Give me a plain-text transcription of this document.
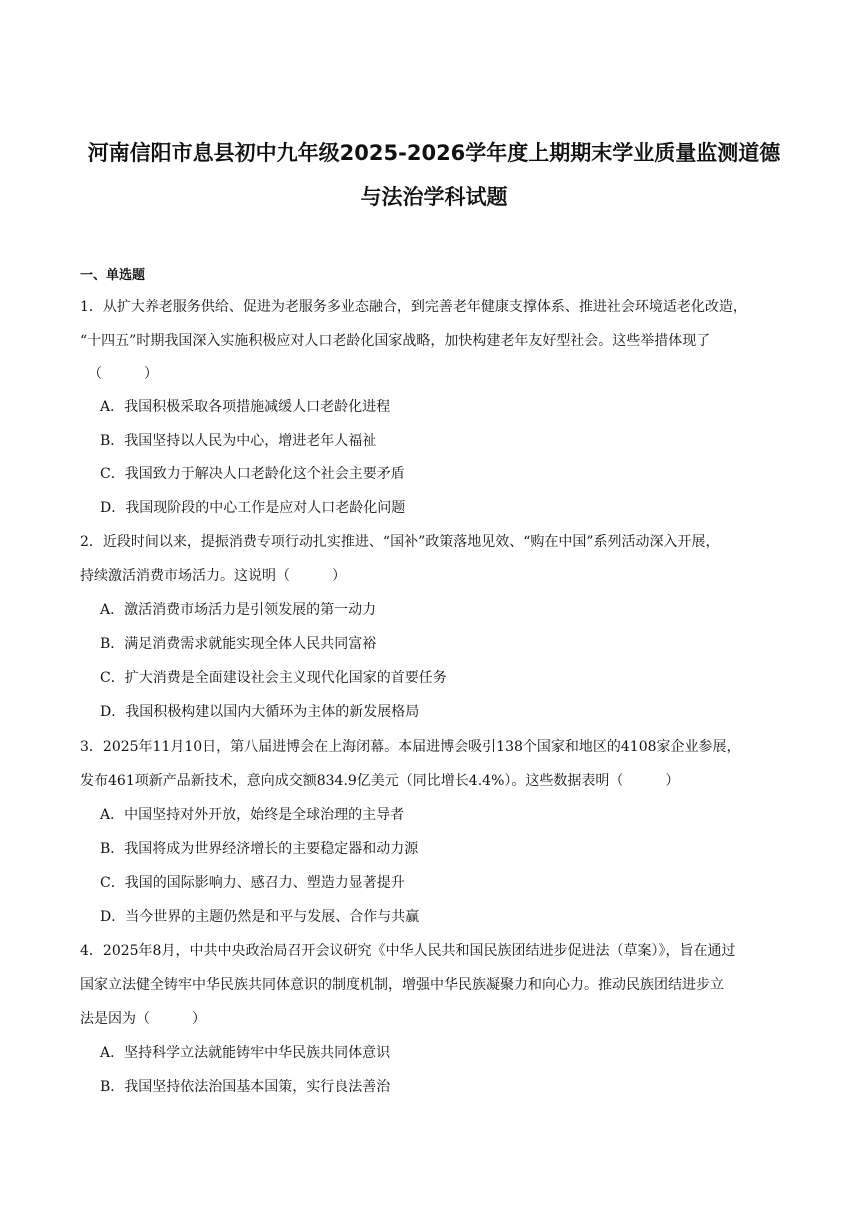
河南信阳市息县初中九年级2025-2026学年度上期期末学业质量监测道德
与法治学科试题
一、单选题
1．从扩大养老服务供给、促进为老服务多业态融合，到完善老年健康支撑体系、推进社会环境适老化改造，
“十四五”时期我国深入实施积极应对人口老龄化国家战略，加快构建老年友好型社会。这些举措体现了
（　　　）
A．我国积极采取各项措施减缓人口老龄化进程
B．我国坚持以人民为中心，增进老年人福祉
C．我国致力于解决人口老龄化这个社会主要矛盾
D．我国现阶段的中心工作是应对人口老龄化问题
2．近段时间以来，提振消费专项行动扎实推进、“国补”政策落地见效、“购在中国”系列活动深入开展，
持续激活消费市场活力。这说明（　　　）
A．激活消费市场活力是引领发展的第一动力
B．满足消费需求就能实现全体人民共同富裕
C．扩大消费是全面建设社会主义现代化国家的首要任务
D．我国积极构建以国内大循环为主体的新发展格局
3．2025年11月10日，第八届进博会在上海闭幕。本届进博会吸引138个国家和地区的4108家企业参展，
发布461项新产品新技术，意向成交额834.9亿美元（同比增长4.4%）。这些数据表明（　　　）
A．中国坚持对外开放，始终是全球治理的主导者
B．我国将成为世界经济增长的主要稳定器和动力源
C．我国的国际影响力、感召力、塑造力显著提升
D．当今世界的主题仍然是和平与发展、合作与共赢
4．2025年8月，中共中央政治局召开会议研究《中华人民共和国民族团结进步促进法（草案）》，旨在通过
国家立法健全铸牢中华民族共同体意识的制度机制，增强中华民族凝聚力和向心力。推动民族团结进步立
法是因为（　　　）
A．坚持科学立法就能铸牢中华民族共同体意识
B．我国坚持依法治国基本国策，实行良法善治
